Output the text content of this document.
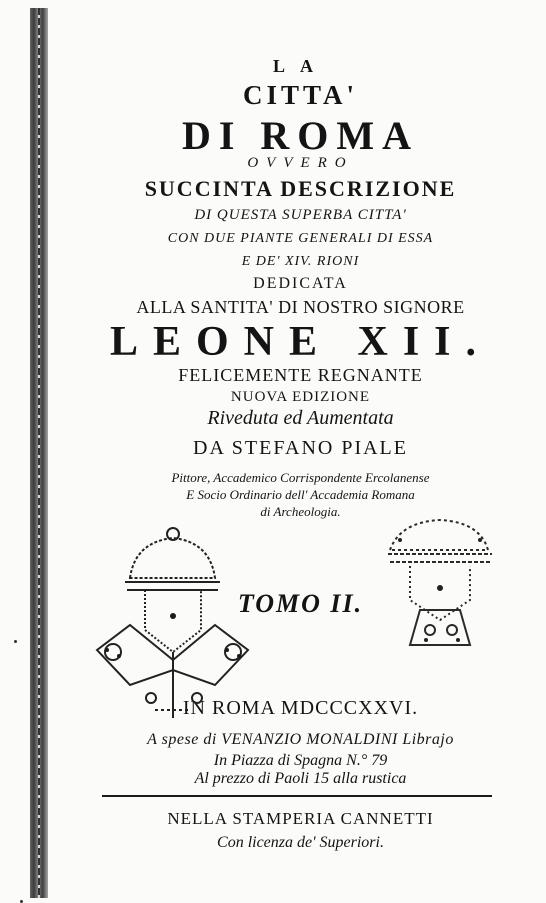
LA
CITTA'
DI ROMA
OVVERO
SUCCINTA DESCRIZIONE
DI QUESTA SUPERBA CITTA'
CON DUE PIANTE GENERALI DI ESSA
E DE' XIV. RIONI
DEDICATA
ALLA SANTITA' DI NOSTRO SIGNORE
LEONE XII.
FELICEMENTE REGNANTE
NUOVA EDIZIONE
Riveduta ed Aumentata
DA STEFANO PIALE
Pittore, Accademico Corrispondente Ercolanense
E Socio Ordinario dell' Accademia Romana
di Archeologia.
TOMO II.
IN ROMA MDCCCXXVI.
A spese di VENANZIO MONALDINI Librajo
In Piazza di Spagna N.° 79
Al prezzo di Paoli 15 alla rustica
NELLA STAMPERIA CANNETTI
Con licenza de' Superiori.
